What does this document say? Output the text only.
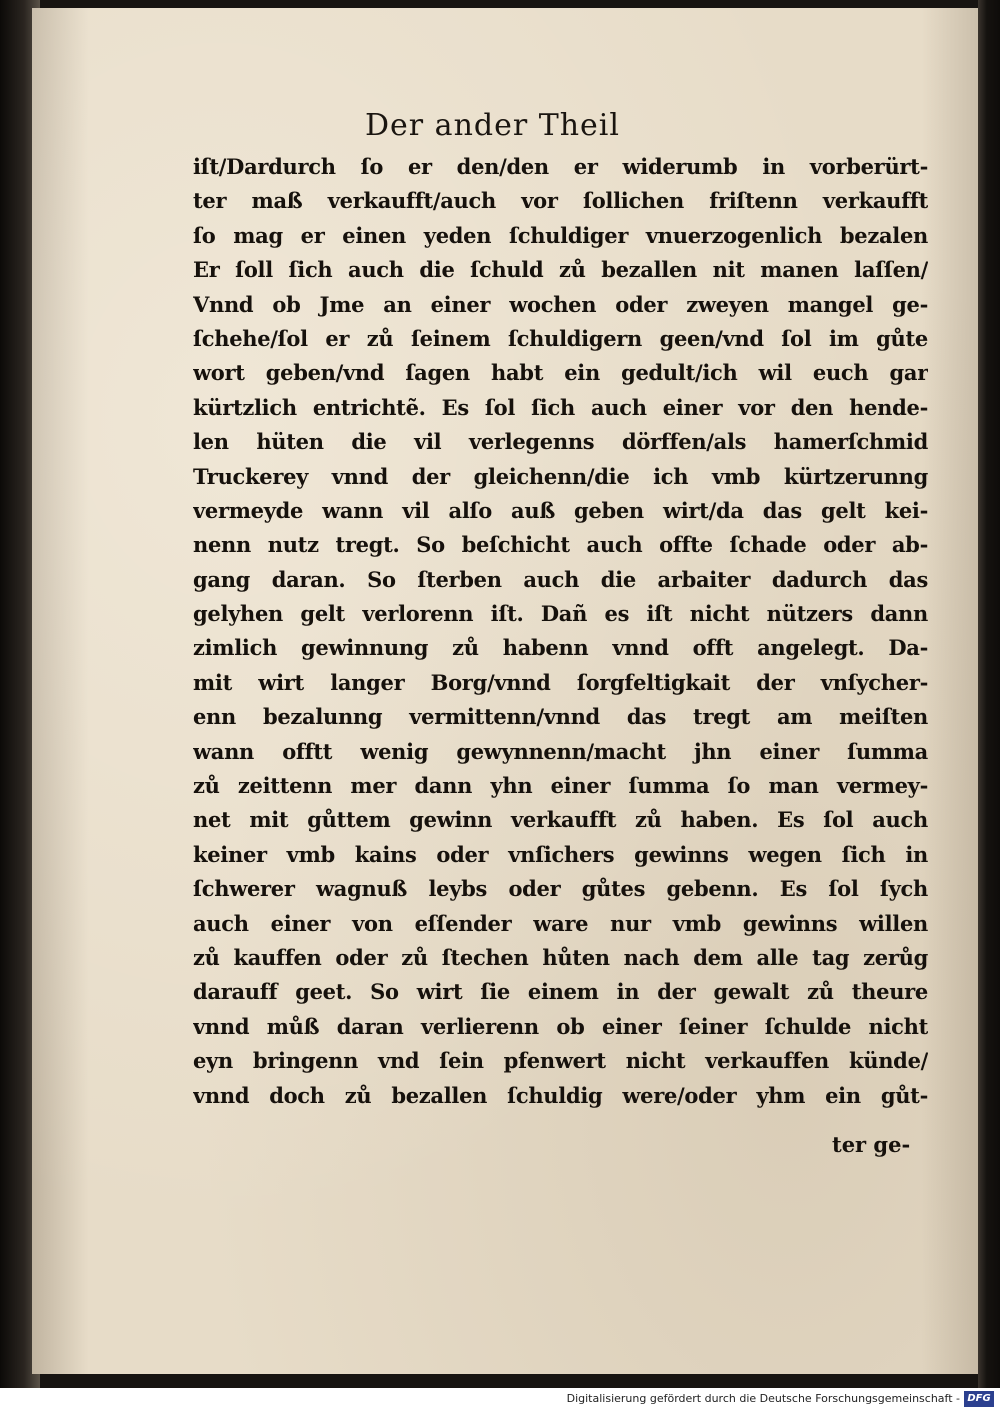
Der ander Theil
iſt/Dardurch ſo er den/den er widerumb in vorberürt-
ter maß verkaufft/auch vor ſollichen friſtenn verkaufft
ſo mag er einen yeden ſchuldiger vnuerzogenlich bezalen
Er ſoll ſich auch die ſchuld zů bezallen nit manen laſſen/
Vnnd ob Jme an einer wochen oder zweyen mangel ge-
ſchehe/ſol er zů ſeinem ſchuldigern geen/vnd ſol im gůte
wort geben/vnd ſagen habt ein gedult/ich wil euch gar
kürtzlich entrichtẽ. Es ſol ſich auch einer vor den hende-
len hüten die vil verlegenns dörffen/als hamerſchmid
Truckerey vnnd der gleichenn/die ich vmb kürtzerunng
vermeyde wann vil alſo auß geben wirt/da das gelt kei-
nenn nutz tregt. So beſchicht auch offte ſchade oder ab-
gang daran. So ſterben auch die arbaiter dadurch das
gelyhen gelt verlorenn iſt. Dañ es iſt nicht nützers dann
zimlich gewinnung zů habenn vnnd offt angelegt. Da-
mit wirt langer Borg/vnnd ſorgfeltigkait der vnſycher-
enn bezalunng vermittenn/vnnd das tregt am meiſten
wann offtt wenig gewynnenn/macht jhn einer ſumma
zů zeittenn mer dann yhn einer ſumma ſo man vermey-
net mit gůttem gewinn verkaufft zů haben. Es ſol auch
keiner vmb kains oder vnſichers gewinns wegen ſich in
ſchwerer wagnuß leybs oder gůtes gebenn. Es ſol ſych
auch einer von eſſender ware nur vmb gewinns willen
zů kauffen oder zů ſtechen hůten nach dem alle tag zerůg
darauff geet. So wirt ſie einem in der gewalt zů theure
vnnd můß daran verlierenn ob einer ſeiner ſchulde nicht
eyn bringenn vnd ſein pfenwert nicht verkauffen künde/
vnnd doch zů bezallen ſchuldig were/oder yhm ein gůt-
ter ge-
Digitalisierung gefördert durch die Deutsche Forschungsgemeinschaft - DFG
